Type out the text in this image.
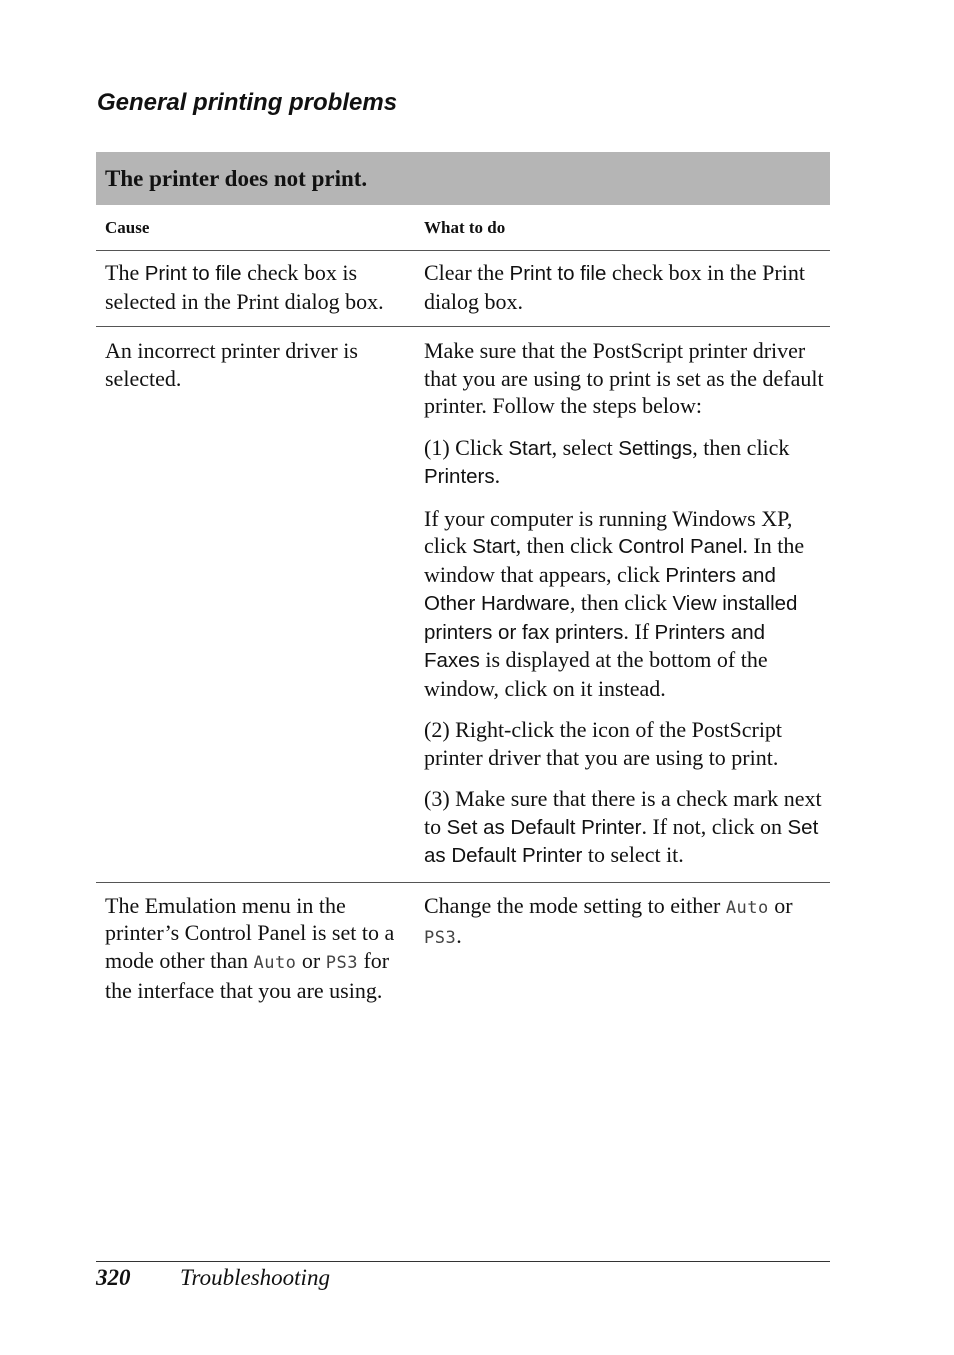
General printing problems
The printer does not print.
Cause	What to do

The Print to file check box is selected in the Print dialog box.

Clear the Print to file check box in the Print dialog box.

An incorrect printer driver is selected.

Make sure that the PostScript printer driver that you are using to print is set as the default printer. Follow the steps below:

(1) Click Start, select Settings, then click Printers.

If your computer is running Windows XP, click Start, then click Control Panel. In the window that appears, click Printers and Other Hardware, then click View installed printers or fax printers. If Printers and Faxes is displayed at the bottom of the window, click on it instead.

(2) Right-click the icon of the PostScript printer driver that you are using to print.

(3) Make sure that there is a check mark next to Set as Default Printer. If not, click on Set as Default Printer to select it.

The Emulation menu in the printer’s Control Panel is set to a mode other than Auto or PS3 for the interface that you are using.

Change the mode setting to either Auto or PS3.

320 Troubleshooting
